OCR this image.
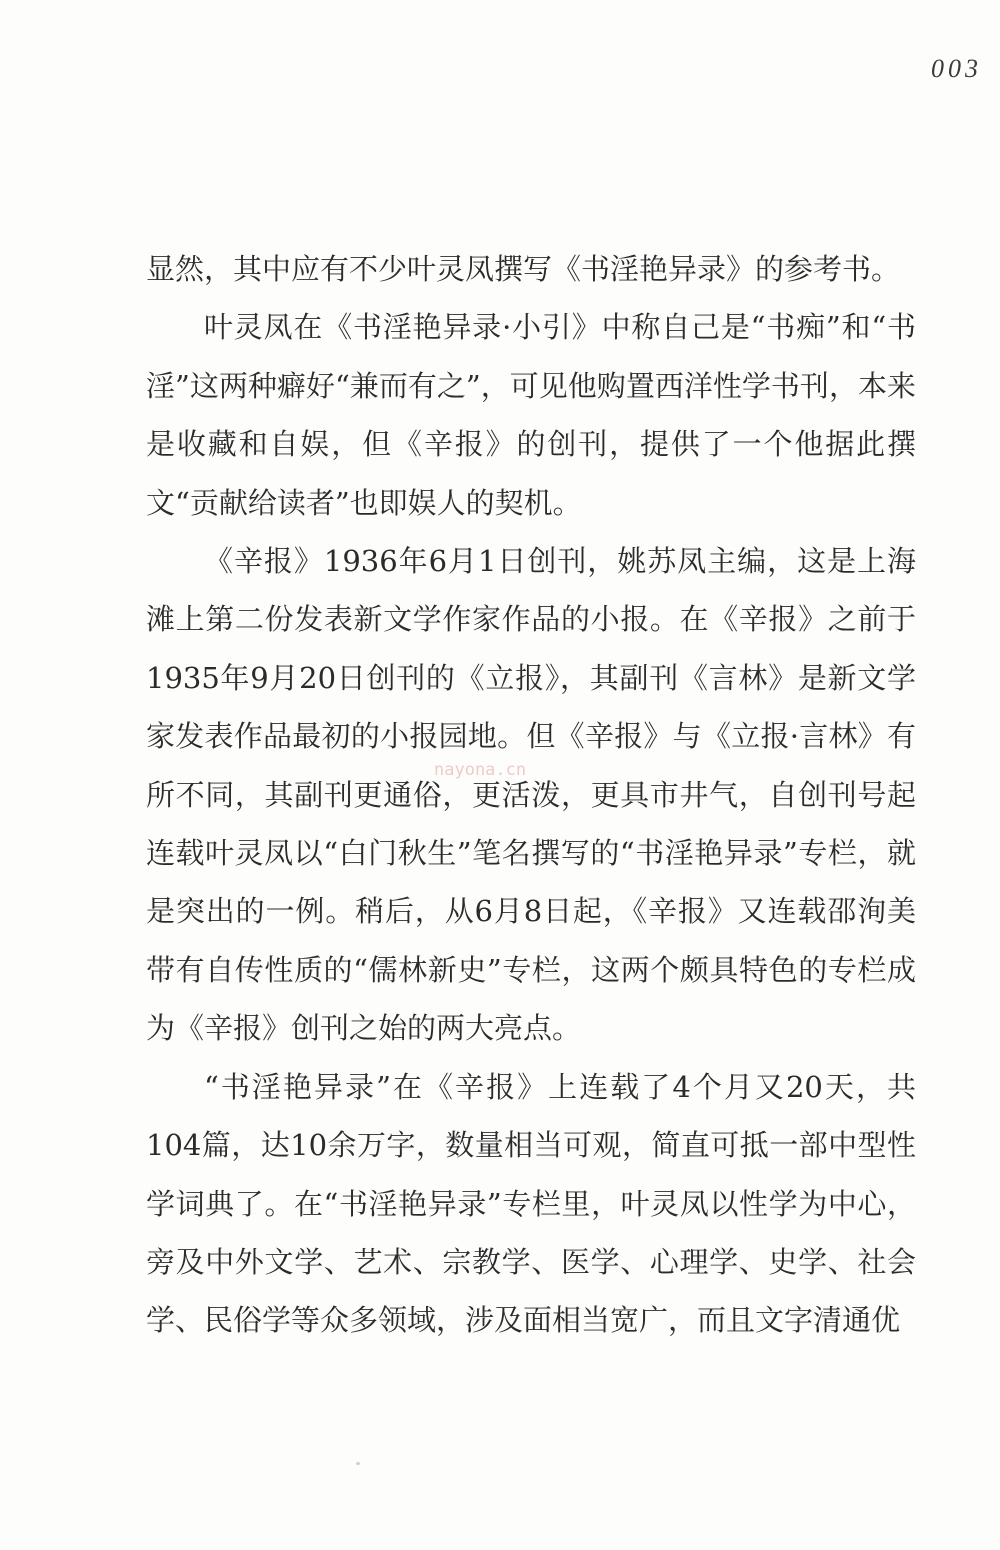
003

显然，其中应有不少叶灵凤撰写《书淫艳异录》的参考书。

叶灵凤在《书淫艳异录·小引》中称自己是“书痴”和“书淫”这两种癖好“兼而有之”，可见他购置西洋性学书刊，本来是收藏和自娱，但《辛报》的创刊，提供了一个他据此撰文“贡献给读者”也即娱人的契机。

《辛报》1936年6月1日创刊，姚苏凤主编，这是上海滩上第二份发表新文学作家作品的小报。在《辛报》之前于1935年9月20日创刊的《立报》，其副刊《言林》是新文学家发表作品最初的小报园地。但《辛报》与《立报·言林》有所不同，其副刊更通俗，更活泼，更具市井气，自创刊号起连载叶灵凤以“白门秋生”笔名撰写的“书淫艳异录”专栏，就是突出的一例。稍后，从6月8日起，《辛报》又连载邵洵美带有自传性质的“儒林新史”专栏，这两个颇具特色的专栏成为《辛报》创刊之始的两大亮点。

“书淫艳异录”在《辛报》上连载了4个月又20天，共104篇，达10余万字，数量相当可观，简直可抵一部中型性学词典了。在“书淫艳异录”专栏里，叶灵凤以性学为中心，旁及中外文学、艺术、宗教学、医学、心理学、史学、社会学、民俗学等众多领域，涉及面相当宽广，而且文字清通优

nayona.cn
